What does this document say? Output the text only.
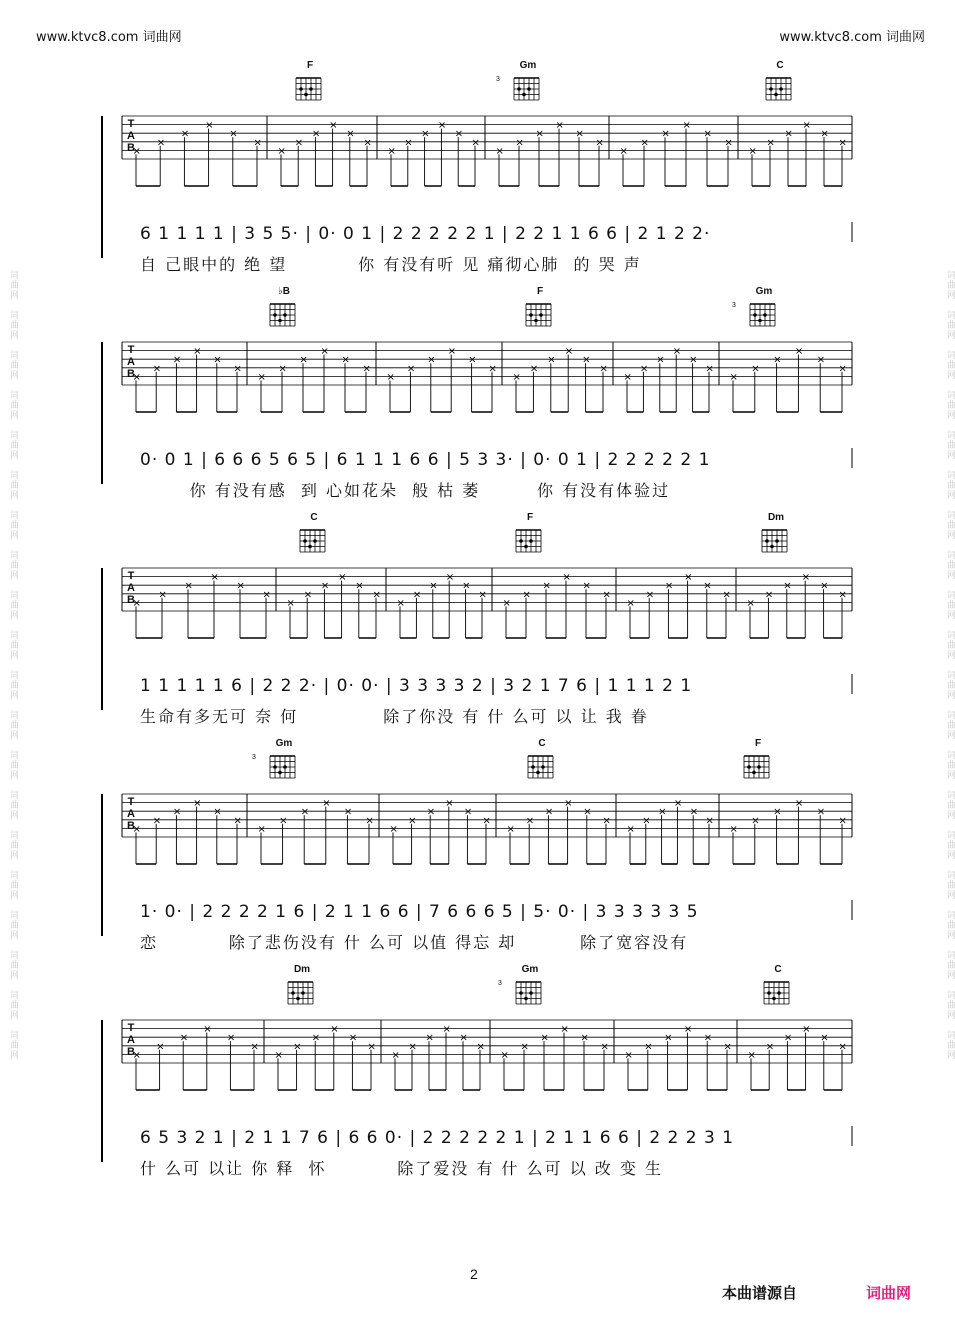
词曲网　词曲网　词曲网　词曲网　词曲网　词曲网　词曲网　词曲网　词曲网　词曲网　词曲网　词曲网　词曲网　词曲网　词曲网　词曲网　词曲网　词曲网　词曲网　词曲网
词曲网　词曲网　词曲网　词曲网　词曲网　词曲网　词曲网　词曲网　词曲网　词曲网　词曲网　词曲网　词曲网　词曲网　词曲网　词曲网　词曲网　词曲网　词曲网　词曲网
www.ktvc8.com 词曲网	www.ktvc8.com 词曲网
F	Gm
3
C
×
×
×
×
×
×
×
×
×
×
×
×
×
×
×
×
×
×
×
×
×
×
×
×
×
×
×
×
×
×
×
×
×
×
×
×
T
A
B
6 1 1 1 1 | 3 5 5· | 0· 0 1 | 2 2 2 2 2 1 | 2 2 1 1 6 6 | 2 1 2 2·
自 己眼中的 绝 望          你 有没有听 见 痛彻心肺  的 哭 声
♭B	F	Gm
3
×
×
×
×
×
×
×
×
×
×
×
×
×
×
×
×
×
×
×
×
×
×
×
×
×
×
×
×
×
×
×
×
×
×
×
×
T
A
B
0· 0 1 | 6 6 6 5 6 5 | 6 1 1 1 6 6 | 5 3 3· | 0· 0 1 | 2 2 2 2 2 1
你 有没有感  到 心如花朵  般 枯 萎        你 有没有体验过
C	F	Dm
×
×
×
×
×
×
×
×
×
×
×
×
×
×
×
×
×
×
×
×
×
×
×
×
×
×
×
×
×
×
×
×
×
×
×
×
T
A
B
1 1 1 1 1 6 | 2 2 2· | 0· 0· | 3 3 3 3 2 | 3 2 1 7 6 | 1 1 1 2 1
生命有多无可 奈 何            除了你没 有 什 么可 以 让 我 眷
Gm
3
C	F
×
×
×
×
×
×
×
×
×
×
×
×
×
×
×
×
×
×
×
×
×
×
×
×
×
×
×
×
×
×
×
×
×
×
×
×
T
A
B
1· 0· | 2 2 2 2 1 6 | 2 1 1 6 6 | 7 6 6 6 5 | 5· 0· | 3 3 3 3 3 5
恋          除了悲伤没有 什 么可 以值 得忘 却         除了宽容没有
Dm	Gm
3
C
×
×
×
×
×
×
×
×
×
×
×
×
×
×
×
×
×
×
×
×
×
×
×
×
×
×
×
×
×
×
×
×
×
×
×
×
T
A
B
6 5 3 2 1 | 2 1 1 7 6 | 6 6 0· | 2 2 2 2 2 1 | 2 1 1 6 6 | 2 2 2 3 1
什 么可 以让 你 释  怀          除了爱没 有 什 么可 以 改 变 生
2
本曲谱源自	词曲网
